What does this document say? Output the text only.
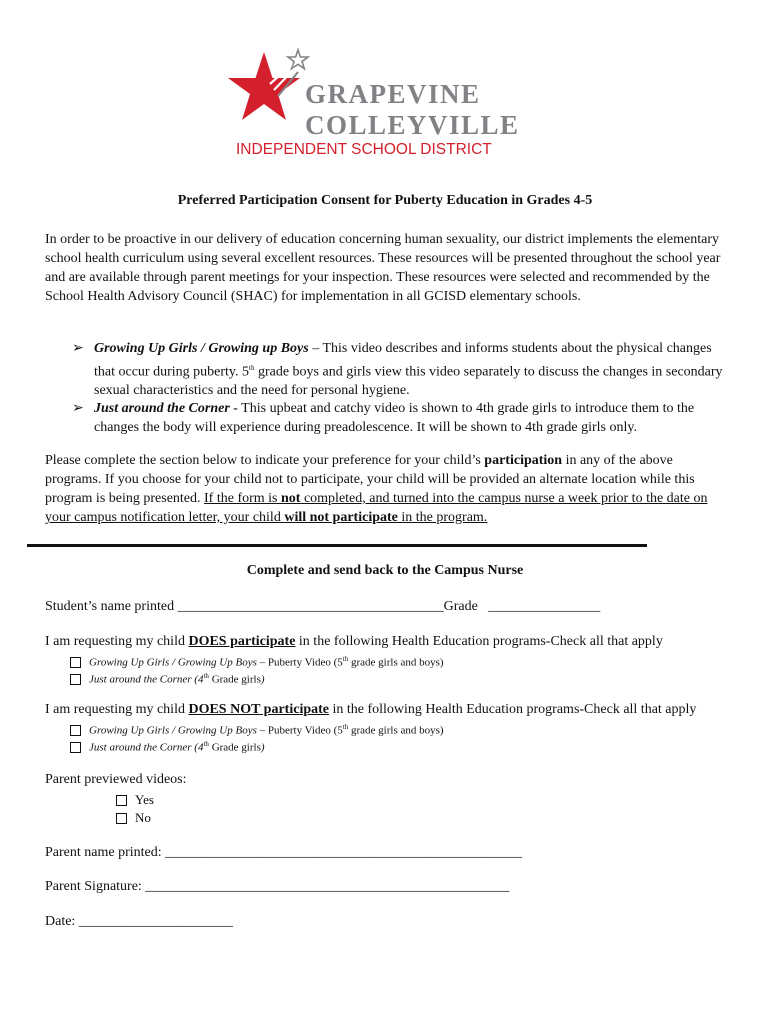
GRAPEVINE
COLLEYVILLE
INDEPENDENT SCHOOL DISTRICT
Preferred Participation Consent for Puberty Education in Grades 4-5
In order to be proactive in our delivery of education concerning human sexuality, our district implements the elementary school health curriculum using several excellent resources. These resources will be presented throughout the school year and are available through parent meetings for your inspection. These resources were selected and recommended by the School Health Advisory Council (SHAC) for implementation in all GCISD elementary schools.
➢ Growing Up Girls / Growing up Boys – This video describes and informs students about the physical changes that occur during puberty. 5th grade boys and girls view this video separately to discuss the changes in secondary sexual characteristics and the need for personal hygiene.
➢ Just around the Corner - This upbeat and catchy video is shown to 4th grade girls to introduce them to the changes the body will experience during preadolescence. It will be shown to 4th grade girls only.
Please complete the section below to indicate your preference for your child’s participation in any of the above programs. If you choose for your child not to participate, your child will be provided an alternate location while this program is being presented. If the form is not completed, and turned into the campus nurse a week prior to the date on your campus notification letter, your child will not participate in the program.
Complete and send back to the Campus Nurse
Student’s name printed ______________________________________Grade   ________________
I am requesting my child DOES participate in the following Health Education programs-Check all that apply
Growing Up Girls / Growing Up Boys – Puberty Video (5th grade girls and boys)
Just around the Corner (4th Grade girls)
I am requesting my child DOES NOT participate in the following Health Education programs-Check all that apply
Growing Up Girls / Growing Up Boys – Puberty Video (5th grade girls and boys)
Just around the Corner (4th Grade girls)
Parent previewed videos:
Yes
No
Parent name printed: ___________________________________________________
Parent Signature: ____________________________________________________
Date: ______________________
